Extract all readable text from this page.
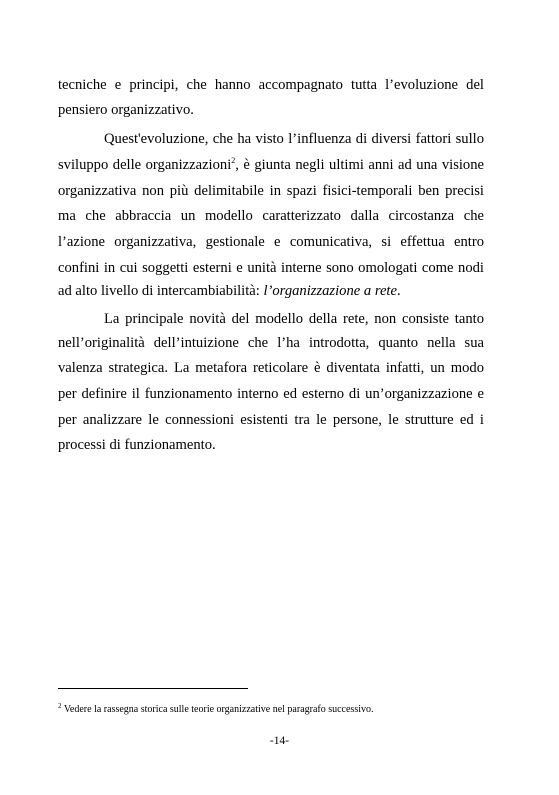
tecniche e principi, che hanno accompagnato tutta l’evoluzione del
pensiero organizzativo.
Quest'evoluzione, che ha visto l’influenza di diversi fattori sullo
sviluppo delle organizzazioni$^2$, è giunta negli ultimi anni ad una visione
organizzativa non più delimitabile in spazi fisici-temporali ben precisi
ma che abbraccia un modello caratterizzato dalla circostanza che
l’azione organizzativa, gestionale e comunicativa, si effettua entro
confini in cui soggetti esterni e unità interne sono omologati come nodi
ad alto livello di intercambiabilità: l’organizzazione a rete.
La principale novità del modello della rete, non consiste tanto
nell’originalità dell’intuizione che l’ha introdotta, quanto nella sua
valenza strategica. La metafora reticolare è diventata infatti, un modo
per definire il funzionamento interno ed esterno di un’organizzazione e
per analizzare le connessioni esistenti tra le persone, le strutture ed i
processi di funzionamento.
$^2$ Vedere la rassegna storica sulle teorie organizzative nel paragrafo successivo.
-14-
